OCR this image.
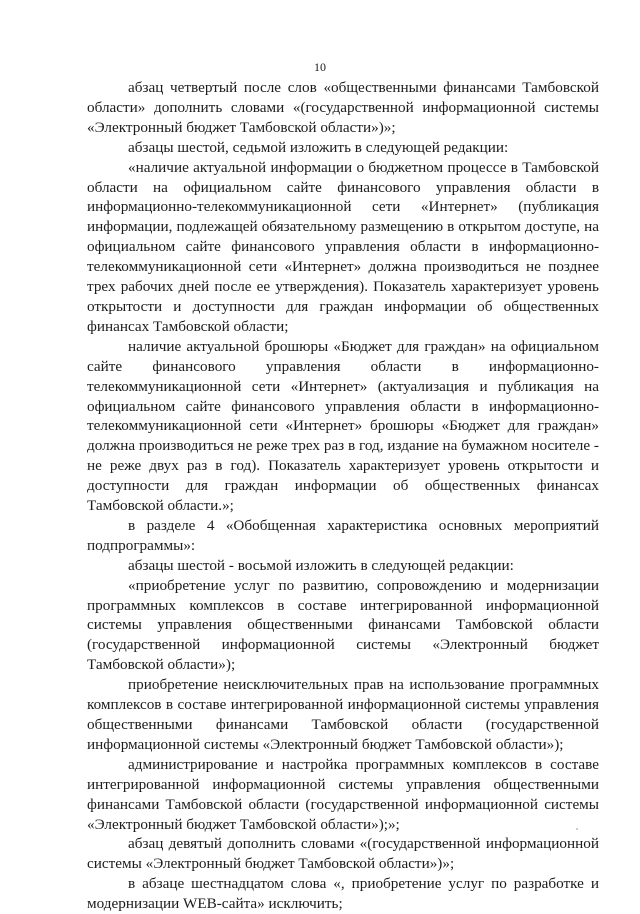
10

абзац четвертый после слов «общественными финансами Тамбовской области» дополнить словами «(государственной информационной системы «Электронный бюджет Тамбовской области»)»;

абзацы шестой, седьмой изложить в следующей редакции:

«наличие актуальной информации о бюджетном процессе в Тамбовской области на официальном сайте финансового управления области в информационно-телекоммуникационной сети «Интернет» (публикация информации, подлежащей обязательному размещению в открытом доступе, на официальном сайте финансового управления области в информационно-телекоммуникационной сети «Интернет» должна производиться не позднее трех рабочих дней после ее утверждения). Показатель характеризует уровень открытости и доступности для граждан информации об общественных финансах Тамбовской области;

наличие актуальной брошюры «Бюджет для граждан» на официальном сайте финансового управления области в информационно-телекоммуникационной сети «Интернет» (актуализация и публикация на официальном сайте финансового управления области в информационно-телекоммуникационной сети «Интернет» брошюры «Бюджет для граждан» должна производиться не реже трех раз в год, издание на бумажном носителе - не реже двух раз в год). Показатель характеризует уровень открытости и доступности для граждан информации об общественных финансах Тамбовской области.»;

в разделе 4 «Обобщенная характеристика основных мероприятий подпрограммы»:

абзацы шестой - восьмой изложить в следующей редакции:

«приобретение услуг по развитию, сопровождению и модернизации программных комплексов в составе интегрированной информационной системы управления общественными финансами Тамбовской области (государственной информационной системы «Электронный бюджет Тамбовской области»);

приобретение неисключительных прав на использование программных комплексов в составе интегрированной информационной системы управления общественными финансами Тамбовской области (государственной информационной системы «Электронный бюджет Тамбовской области»);

администрирование и настройка программных комплексов в составе интегрированной информационной системы управления общественными финансами Тамбовской области (государственной информационной системы «Электронный бюджет Тамбовской области»);»;

абзац девятый дополнить словами «(государственной информационной системы «Электронный бюджет Тамбовской области»)»;

в абзаце шестнадцатом слова «, приобретение услуг по разработке и модернизации WEB-сайта» исключить;
